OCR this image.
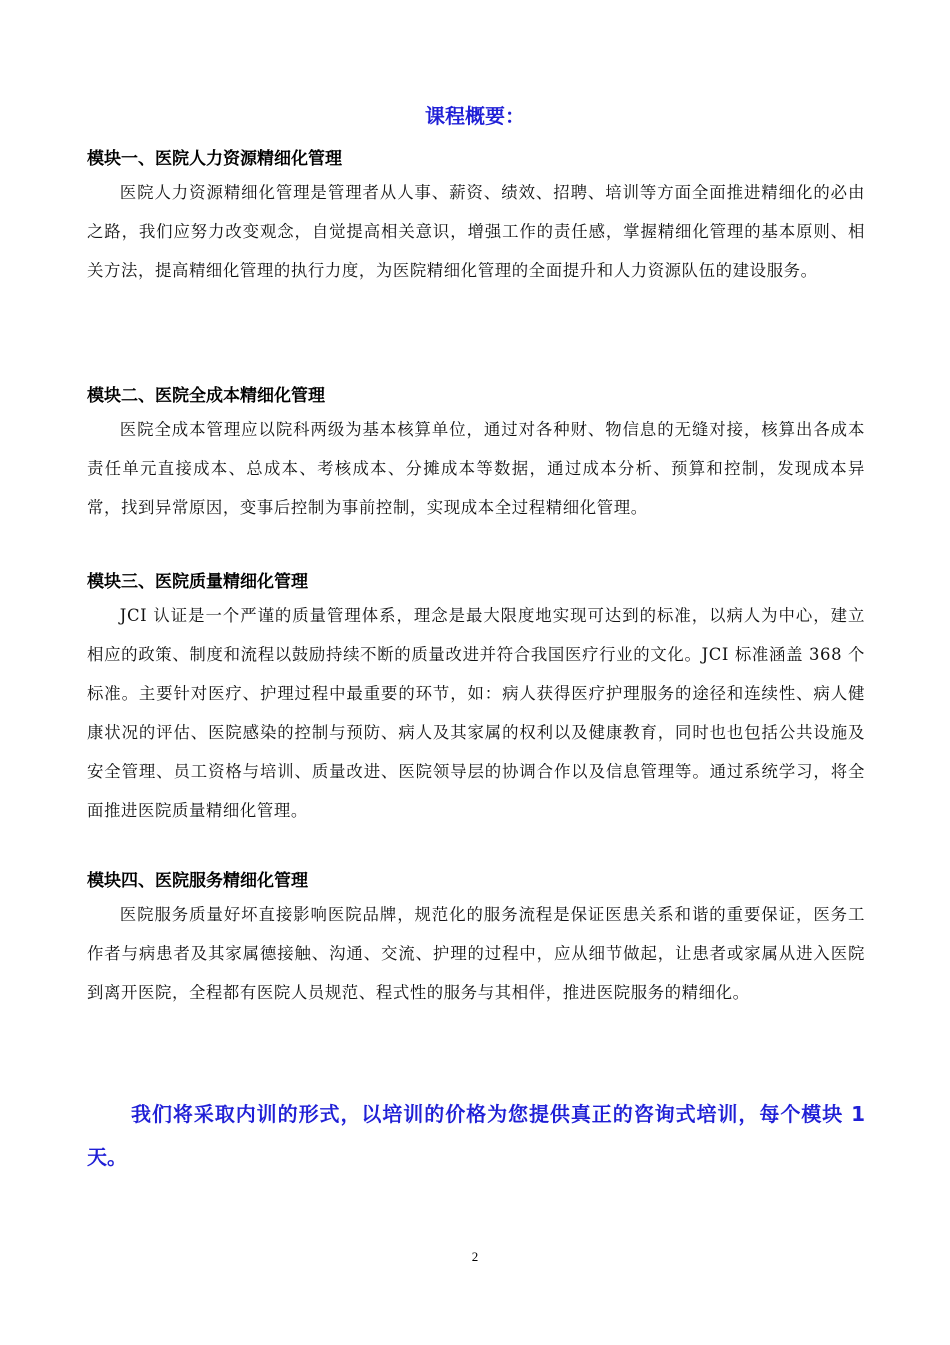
课程概要：
模块一、医院人力资源精细化管理

医院人力资源精细化管理是管理者从人事、薪资、绩效、招聘、培训等方面全面推进精细化的必由之路，我们应努力改变观念，自觉提高相关意识，增强工作的责任感，掌握精细化管理的基本原则、相关方法，提高精细化管理的执行力度，为医院精细化管理的全面提升和人力资源队伍的建设服务。

模块二、医院全成本精细化管理

医院全成本管理应以院科两级为基本核算单位，通过对各种财、物信息的无缝对接，核算出各成本责任单元直接成本、总成本、考核成本、分摊成本等数据，通过成本分析、预算和控制，发现成本异常，找到异常原因，变事后控制为事前控制，实现成本全过程精细化管理。

模块三、医院质量精细化管理

JCI 认证是一个严谨的质量管理体系，理念是最大限度地实现可达到的标准，以病人为中心，建立相应的政策、制度和流程以鼓励持续不断的质量改进并符合我国医疗行业的文化。JCI 标准涵盖 368 个标准。主要针对医疗、护理过程中最重要的环节，如：病人获得医疗护理服务的途径和连续性、病人健康状况的评估、医院感染的控制与预防、病人及其家属的权利以及健康教育，同时也也包括公共设施及安全管理、员工资格与培训、质量改进、医院领导层的协调合作以及信息管理等。通过系统学习，将全面推进医院质量精细化管理。

模块四、医院服务精细化管理

医院服务质量好坏直接影响医院品牌，规范化的服务流程是保证医患关系和谐的重要保证，医务工作者与病患者及其家属德接触、沟通、交流、护理的过程中，应从细节做起，让患者或家属从进入医院到离开医院，全程都有医院人员规范、程式性的服务与其相伴，推进医院服务的精细化。

我们将采取内训的形式，以培训的价格为您提供真正的咨询式培训，每个模块 1 天。

2
